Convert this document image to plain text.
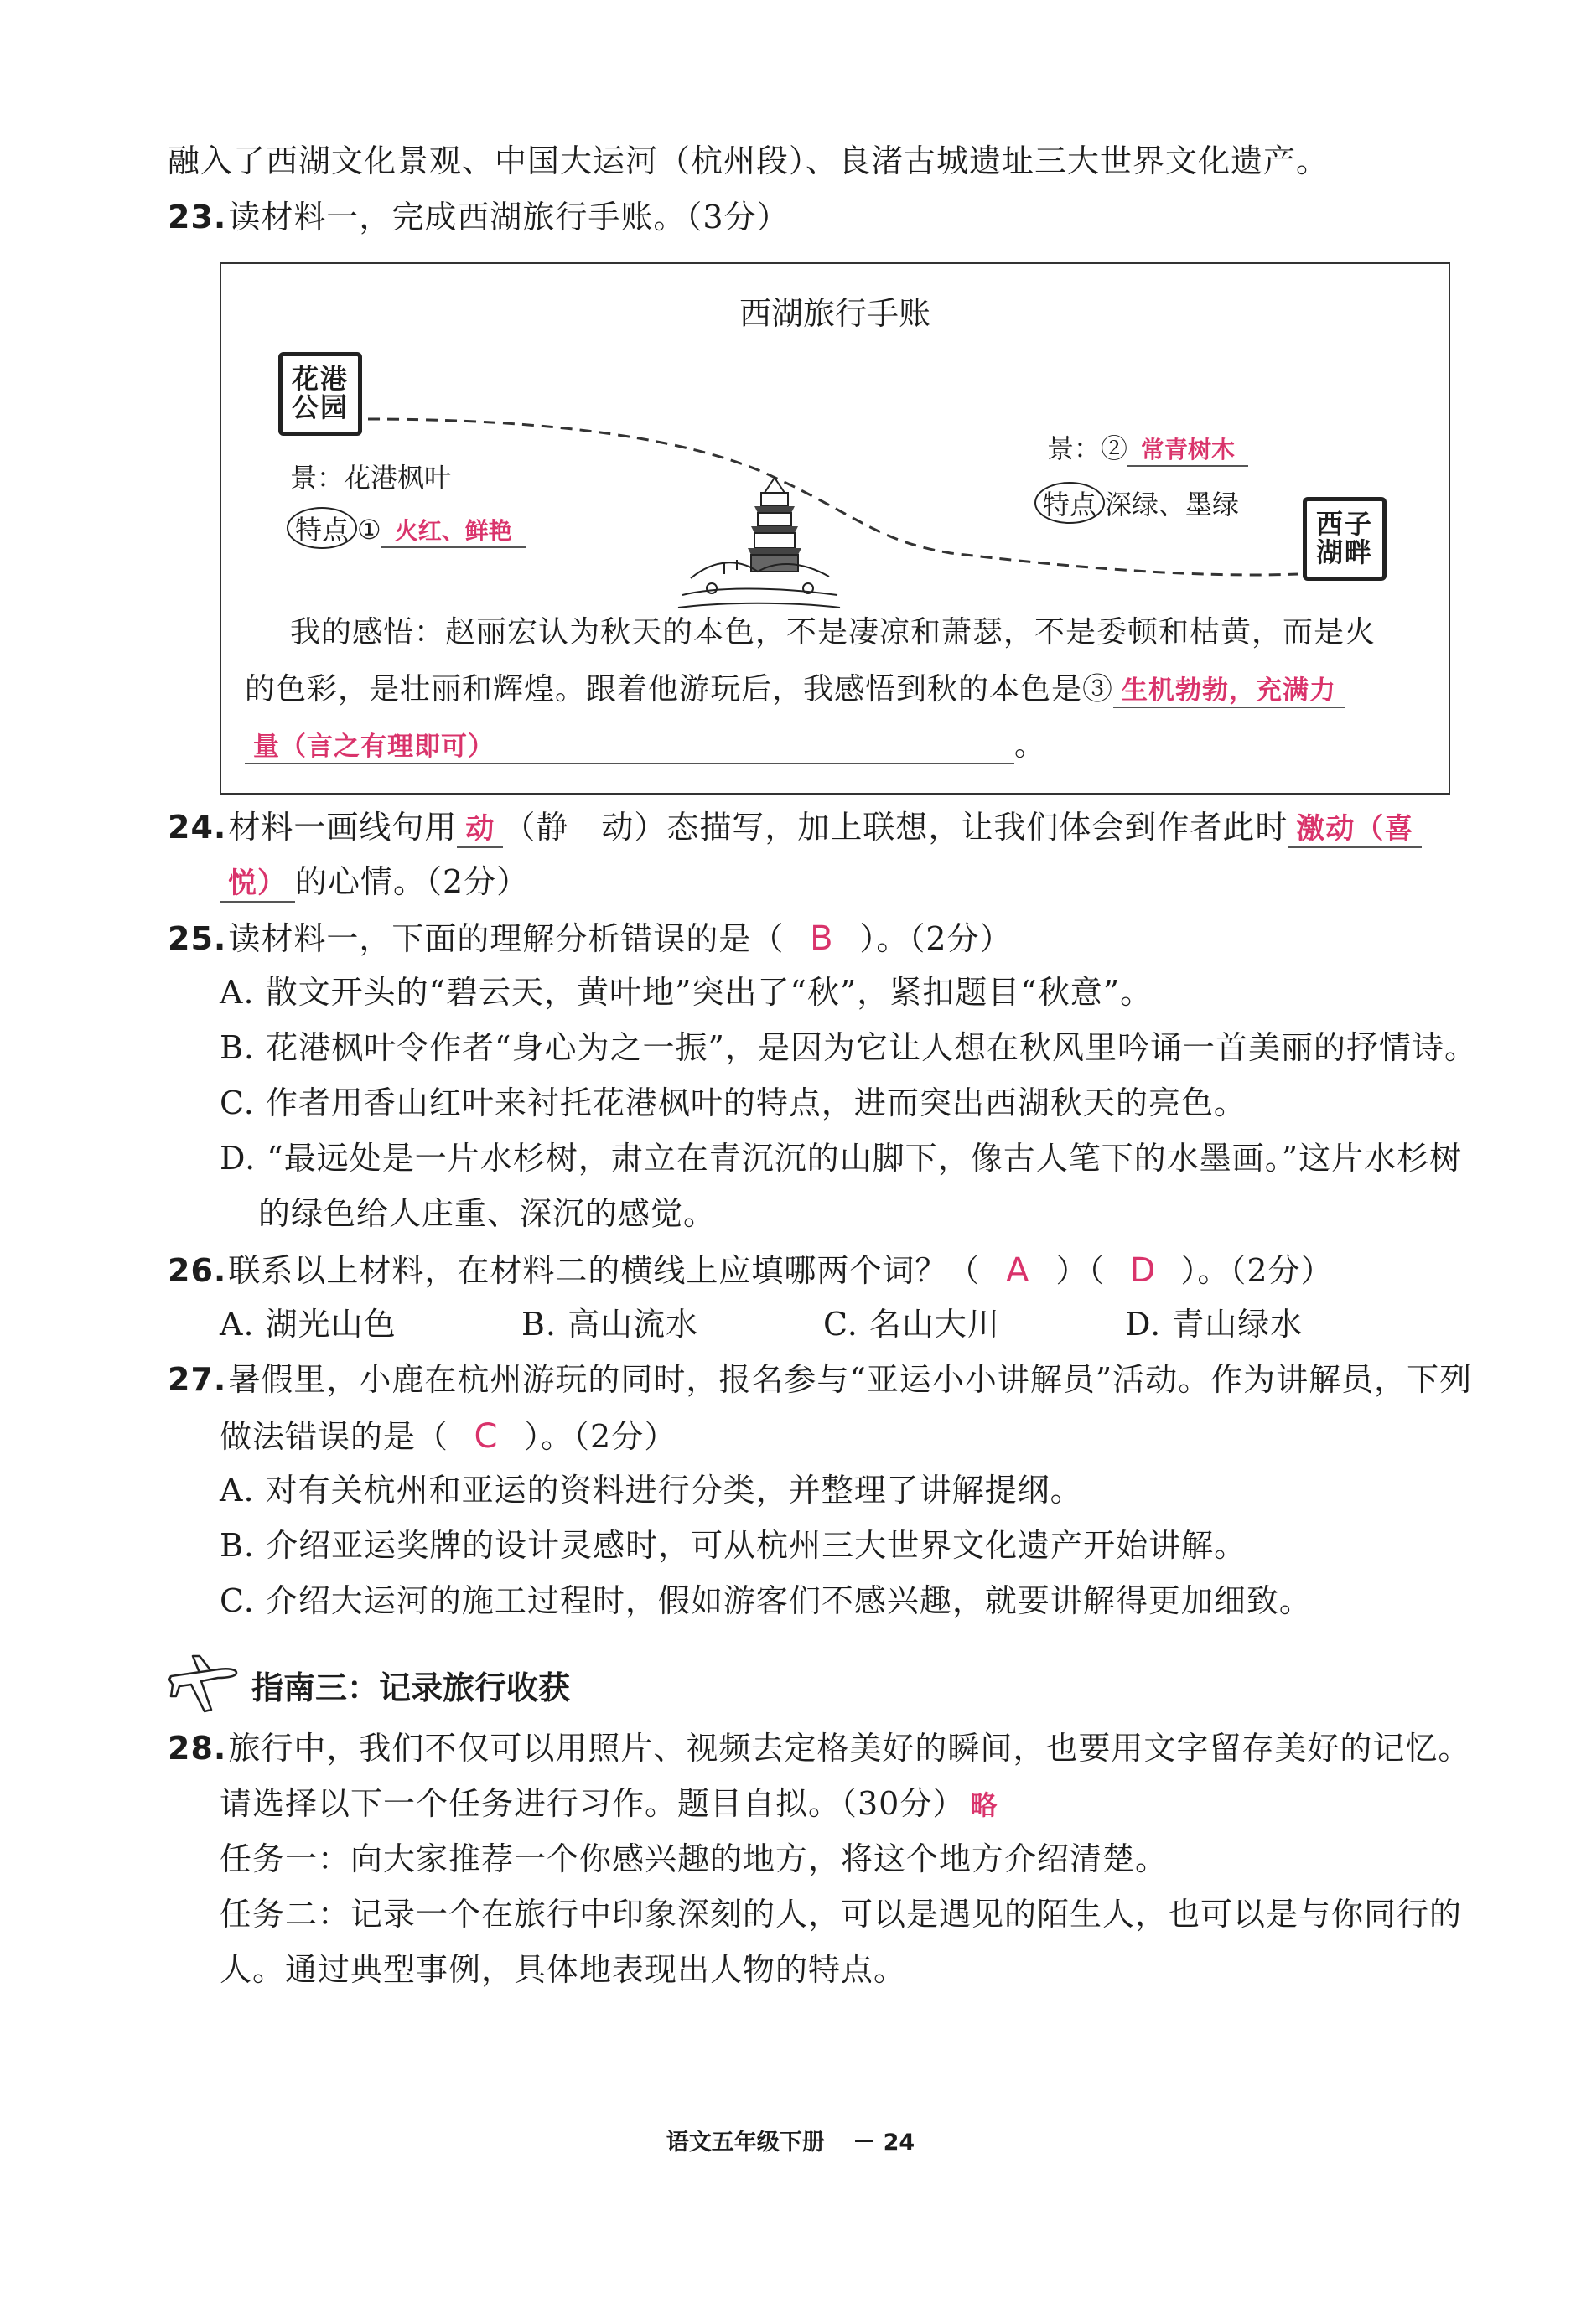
融入了西湖文化景观、中国大运河（杭州段）、良渚古城遗址三大世界文化遗产。
23.读材料一，完成西湖旅行手账。（3分）
西湖旅行手账
花港公园
西子湖畔
景：花港枫叶
特点 ① 火红、鲜艳
景：② 常青树木
特点 深绿、墨绿
我的感悟：赵丽宏认为秋天的本色，不是凄凉和萧瑟，不是委顿和枯黄，而是火
的色彩，是壮丽和辉煌。跟着他游玩后，我感悟到秋的本色是③ 生机勃勃，充满力
量（言之有理即可）	。
24.材料一画线句用 动 （静　动）态描写，加上联想，让我们体会到作者此时 激动（喜
悦） 的心情。（2分）
25.读材料一，下面的理解分析错误的是（ B ）。（2分）
A. 散文开头的“碧云天，黄叶地”突出了“秋”，紧扣题目“秋意”。
B. 花港枫叶令作者“身心为之一振”，是因为它让人想在秋风里吟诵一首美丽的抒情诗。
C. 作者用香山红叶来衬托花港枫叶的特点，进而突出西湖秋天的亮色。
D. “最远处是一片水杉树，肃立在青沉沉的山脚下，像古人笔下的水墨画。”这片水杉树
的绿色给人庄重、深沉的感觉。
26.联系以上材料，在材料二的横线上应填哪两个词？（ A ）（ D ）。（2分）
A. 湖光山色	B. 高山流水	C. 名山大川	D. 青山绿水
27.暑假里，小鹿在杭州游玩的同时，报名参与“亚运小小讲解员”活动。作为讲解员，下列
做法错误的是（ C ）。（2分）
A. 对有关杭州和亚运的资料进行分类，并整理了讲解提纲。
B. 介绍亚运奖牌的设计灵感时，可从杭州三大世界文化遗产开始讲解。
C. 介绍大运河的施工过程时，假如游客们不感兴趣，就要讲解得更加细致。
指南三：记录旅行收获
28.旅行中，我们不仅可以用照片、视频去定格美好的瞬间，也要用文字留存美好的记忆。
请选择以下一个任务进行习作。题目自拟。（30分） 略
任务一：向大家推荐一个你感兴趣的地方，将这个地方介绍清楚。
任务二：记录一个在旅行中印象深刻的人，可以是遇见的陌生人，也可以是与你同行的
人。通过典型事例，具体地表现出人物的特点。
语文五年级下册 － 24
